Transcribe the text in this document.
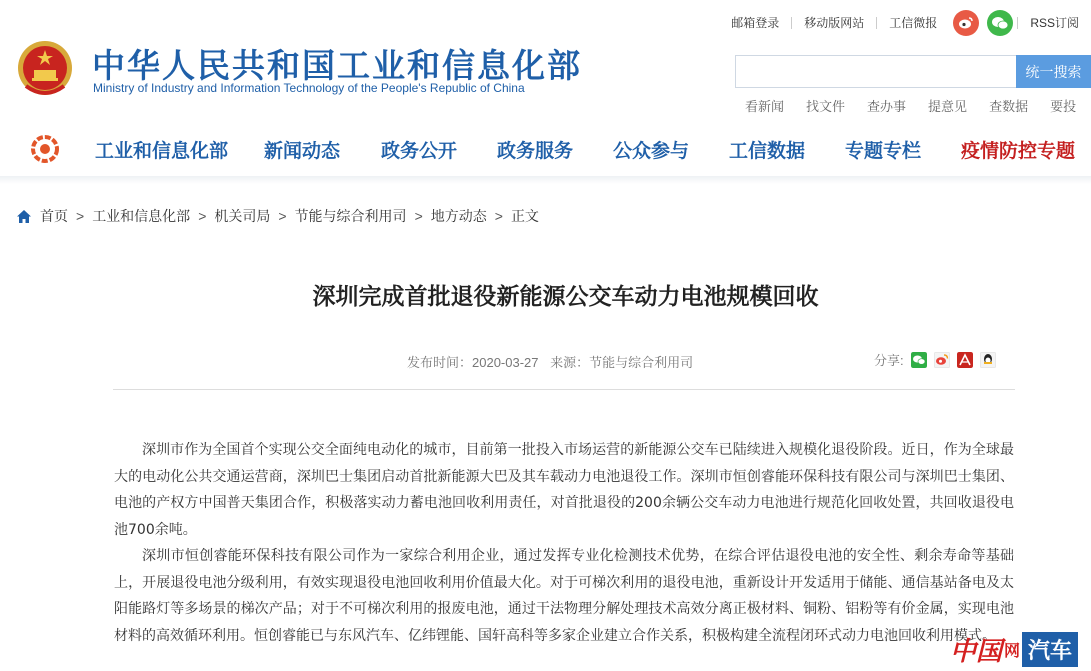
中华人民共和国工业和信息化部
Ministry of Industry and Information Technology of the People's Republic of China
邮箱登录	移动版网站	工信微报	RSS订阅
统一搜索
看新闻 找文件 查办事 提意见 查数据 要投
工业和信息化部 新闻动态 政务公开 政务服务 公众参与 工信数据 专题专栏 疫情防控专题
首页 > 工业和信息化部 > 机关司局 > 节能与综合利用司 > 地方动态 > 正文
深圳完成首批退役新能源公交车动力电池规模回收
发布时间：2020-03-27 来源：节能与综合利用司	分享:

深圳市作为全国首个实现公交全面纯电动化的城市，目前第一批投入市场运营的新能源公交车已陆续进入规模化退役阶段。近日，作为全球最大的电动化公共交通运营商，深圳巴士集团启动首批新能源大巴及其车载动力电池退役工作。深圳市恒创睿能环保科技有限公司与深圳巴士集团、电池的产权方中国普天集团合作，积极落实动力蓄电池回收利用责任，对首批退役的200余辆公交车动力电池进行规范化回收处置，共回收退役电池700余吨。

深圳市恒创睿能环保科技有限公司作为一家综合利用企业，通过发挥专业化检测技术优势，在综合评估退役电池的安全性、剩余寿命等基础上，开展退役电池分级利用，有效实现退役电池回收利用价值最大化。对于可梯次利用的退役电池，重新设计开发适用于储能、通信基站备电及太阳能路灯等多场景的梯次产品；对于不可梯次利用的报废电池，通过干法物理分解处理技术高效分离正极材料、铜粉、铝粉等有价金属，实现电池材料的高效循环利用。恒创睿能已与东风汽车、亿纬锂能、国轩高科等多家企业建立合作关系，积极构建全流程闭环式动力电池回收利用模式。

中国 网 汽车
